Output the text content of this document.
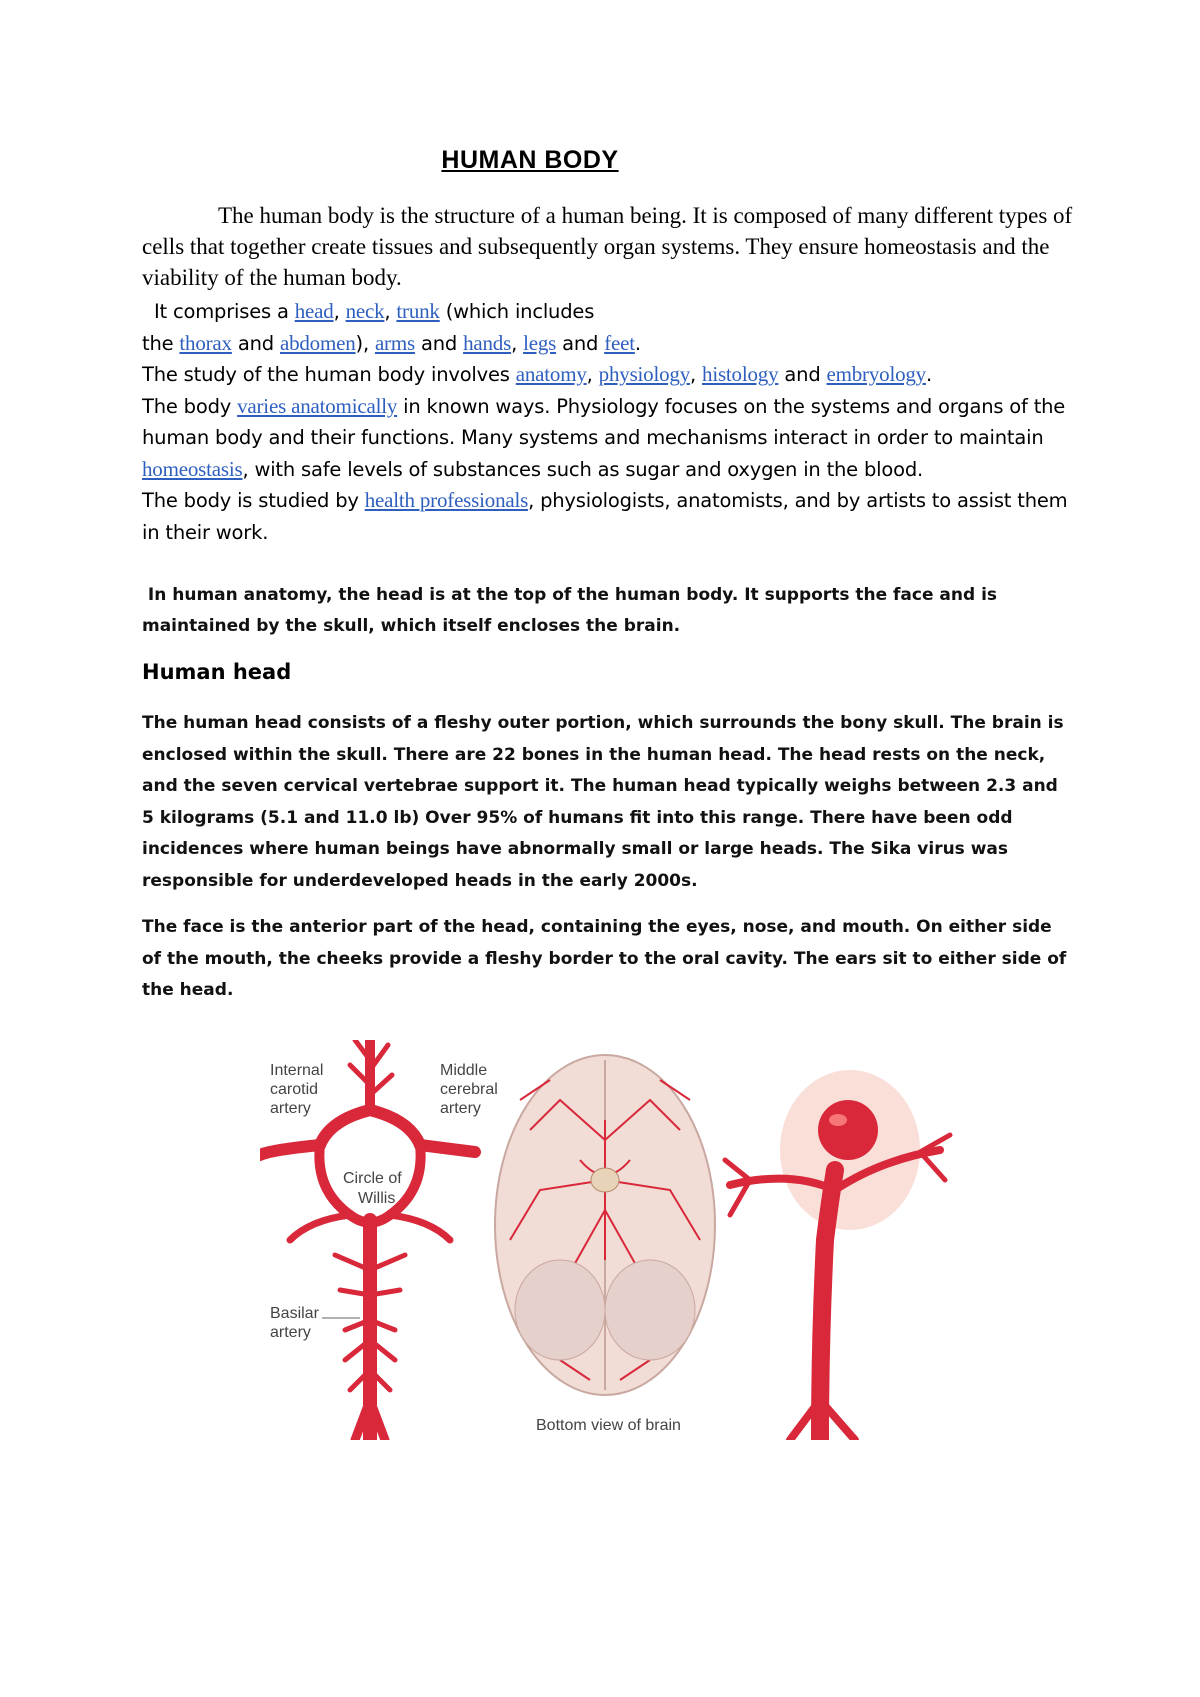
HUMAN BODY
The human body is the structure of a human being. It is composed of many different types of cells that together create tissues and subsequently organ systems. They ensure homeostasis and the viability of the human body.
It comprises a head, neck, trunk (which includes
the thorax and abdomen), arms and hands, legs and feet.
The study of the human body involves anatomy, physiology, histology and embryology.
The body varies anatomically in known ways. Physiology focuses on the systems and organs of the human body and their functions. Many systems and mechanisms interact in order to maintain homeostasis, with safe levels of substances such as sugar and oxygen in the blood.
The body is studied by health professionals, physiologists, anatomists, and by artists to assist them in their work.
In human anatomy, the head is at the top of the human body. It supports the face and is maintained by the skull, which itself encloses the brain.
Human head
The human head consists of a fleshy outer portion, which surrounds the bony skull. The brain is enclosed within the skull. There are 22 bones in the human head. The head rests on the neck, and the seven cervical vertebrae support it. The human head typically weighs between 2.3 and 5 kilograms (5.1 and 11.0 lb) Over 95% of humans fit into this range. There have been odd incidences where human beings have abnormally small or large heads. The Sika virus was responsible for underdeveloped heads in the early 2000s.
The face is the anterior part of the head, containing the eyes, nose, and mouth. On either side of the mouth, the cheeks provide a fleshy border to the oral cavity. The ears sit to either side of the head.
Internal
carotid
artery
Middle
cerebral
artery
Circle of
Willis
Basilar
artery
Bottom view of brain
